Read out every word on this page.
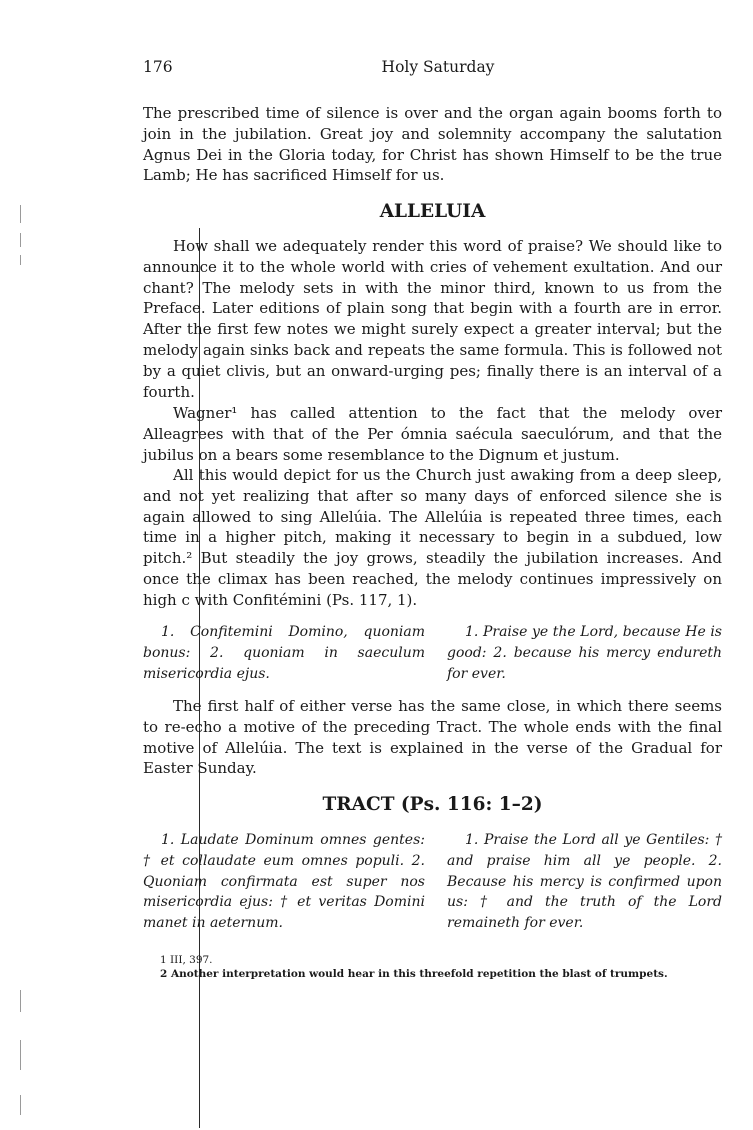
176	Holy Saturday

The prescribed time of silence is over and the organ again booms forth to join in the jubilation. Great joy and solemnity accompany the salutation Agnus Dei in the Gloria today, for Christ has shown Himself to be the true Lamb; He has sacrificed Himself for us.

ALLELUIA

How shall we adequately render this word of praise? We should like to announce it to the whole world with cries of vehement exultation. And our chant? The melody sets in with the minor third, known to us from the Preface. Later editions of plain song that begin with a fourth are in error. After the first few notes we might surely expect a greater interval; but the melody again sinks back and repeats the same formula. This is followed not by a quiet clivis, but an onward-urging pes; finally there is an interval of a fourth.

Wagner¹ has called attention to the fact that the melody over Alleagrees with that of the Per ómnia saécula saeculórum, and that the jubilus on a bears some resemblance to the Dignum et justum.

All this would depict for us the Church just awaking from a deep sleep, and not yet realizing that after so many days of enforced silence she is again allowed to sing Allelúia. The Allelúia is repeated three times, each time in a higher pitch, making it necessary to begin in a subdued, low pitch.² But steadily the joy grows, steadily the jubilation increases. And once the climax has been reached, the melody continues impressively on high c with Confitémini (Ps. 117, 1).

1. Confitemini Domino, quoniam bonus: 2. quoniam in saeculum misericordia ejus.

1. Praise ye the Lord, because He is good: 2. because his mercy endureth for ever.

The first half of either verse has the same close, in which there seems to re-echo a motive of the preceding Tract. The whole ends with the final motive of Allelúia. The text is explained in the verse of the Gradual for Easter Sunday.

TRACT (Ps. 116: 1–2)

1. Laudate Dominum omnes gentes: † et collaudate eum omnes populi. 2. Quoniam confirmata est super nos misericordia ejus: † et veritas Domini manet in aeternum.

1. Praise the Lord all ye Gentiles: † and praise him all ye people. 2. Because his mercy is confirmed upon us: † and the truth of the Lord remaineth for ever.

1 III, 397.

2 Another interpretation would hear in this threefold repetition the blast of trumpets.
